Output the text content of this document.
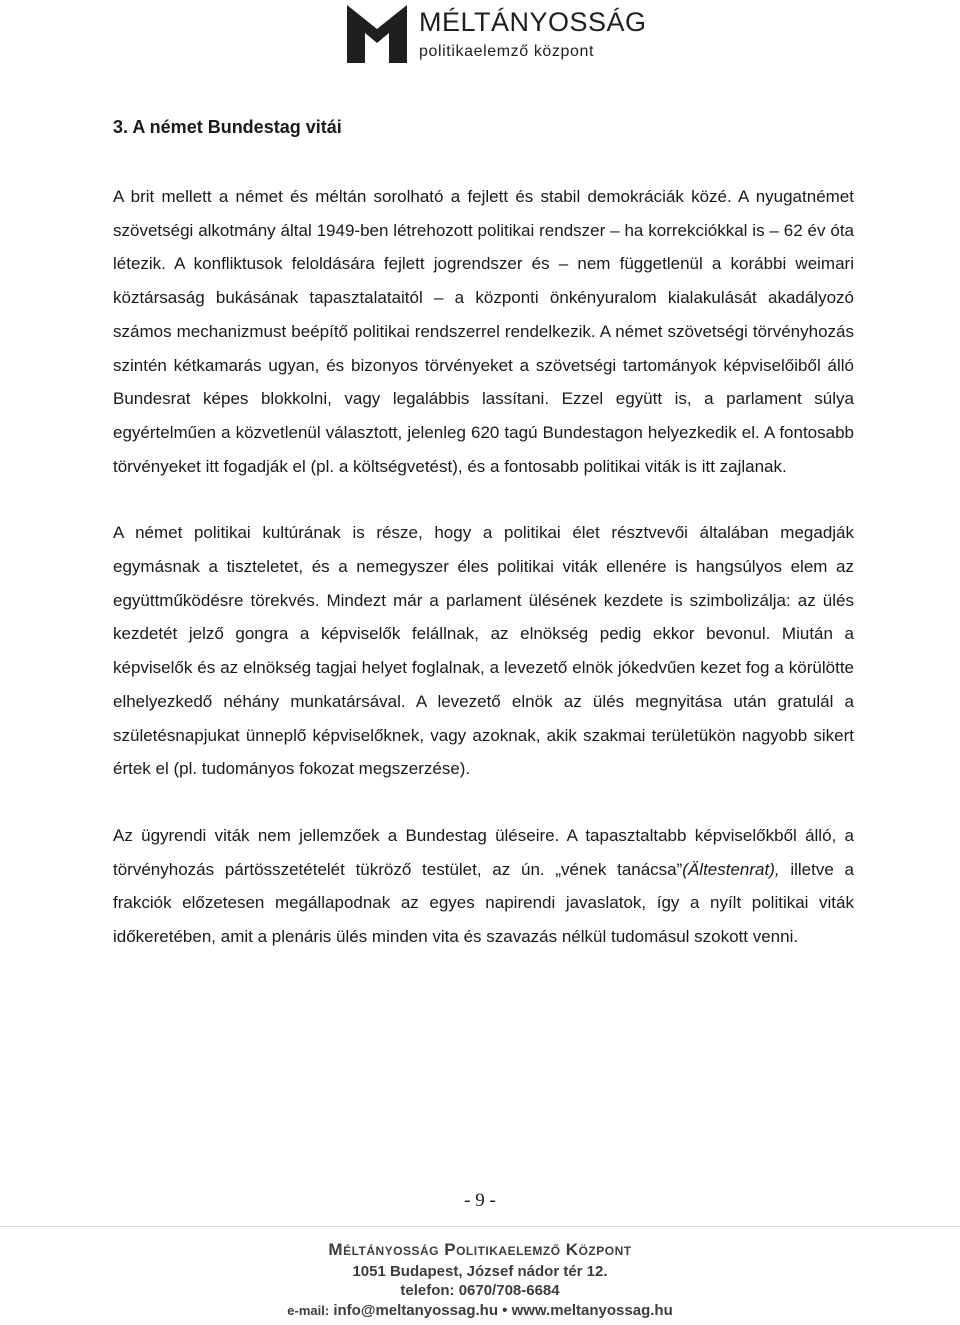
MÉLTÁNYOSSÁG
politikaelemző központ
3. A német Bundestag vitái

A brit mellett a német és méltán sorolható a fejlett és stabil demokráciák közé. A nyugatnémet szövetségi alkotmány által 1949-ben létrehozott politikai rendszer – ha korrekciókkal is – 62 év óta létezik. A konfliktusok feloldására fejlett jogrendszer és – nem függetlenül a korábbi weimari köztársaság bukásának tapasztalataitól – a központi önkényuralom kialakulását akadályozó számos mechanizmust beépítő politikai rendszerrel rendelkezik. A német szövetségi törvényhozás szintén kétkamarás ugyan, és bizonyos törvényeket a szövetségi tartományok képviselőiből álló Bundesrat képes blokkolni, vagy legalábbis lassítani. Ezzel együtt is, a parlament súlya egyértelműen a közvetlenül választott, jelenleg 620 tagú Bundestagon helyezkedik el. A fontosabb törvényeket itt fogadják el (pl. a költségvetést), és a fontosabb politikai viták is itt zajlanak.

A német politikai kultúrának is része, hogy a politikai élet résztvevői általában megadják egymásnak a tiszteletet, és a nemegyszer éles politikai viták ellenére is hangsúlyos elem az együttműködésre törekvés. Mindezt már a parlament ülésének kezdete is szimbolizálja: az ülés kezdetét jelző gongra a képviselők felállnak, az elnökség pedig ekkor bevonul. Miután a képviselők és az elnökség tagjai helyet foglalnak, a levezető elnök jókedvűen kezet fog a körülötte elhelyezkedő néhány munkatársával. A levezető elnök az ülés megnyitása után gratulál a születésnapjukat ünneplő képviselőknek, vagy azoknak, akik szakmai területükön nagyobb sikert értek el (pl. tudományos fokozat megszerzése).

Az ügyrendi viták nem jellemzőek a Bundestag üléseire. A tapasztaltabb képviselőkből álló, a törvényhozás pártösszetételét tükröző testület, az ún. „vének tanácsa”(Ältestenrat), illetve a frakciók előzetesen megállapodnak az egyes napirendi javaslatok, így a nyílt politikai viták időkeretében, amit a plenáris ülés minden vita és szavazás nélkül tudomásul szokott venni.

- 9 -
Méltányosság Politikaelemző Központ
1051 Budapest, József nádor tér 12.
telefon: 0670/708-6684
e-mail: info@meltanyossag.hu • www.meltanyossag.hu
